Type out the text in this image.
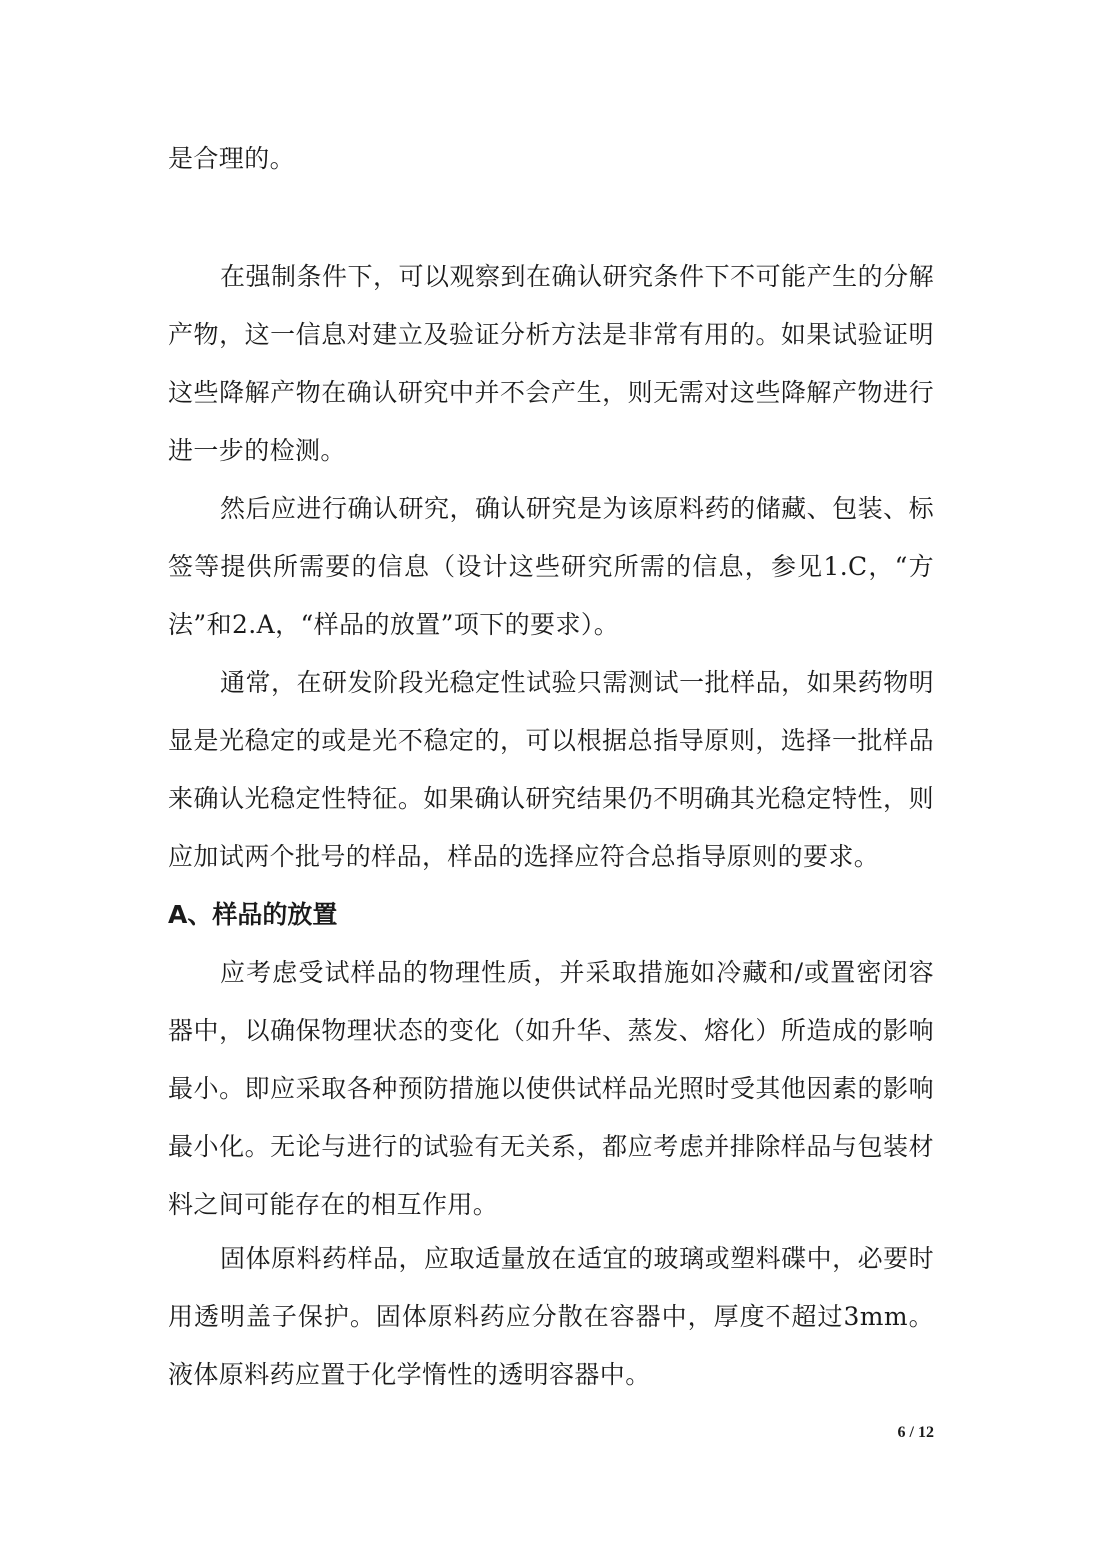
是合理的。

在强制条件下，可以观察到在确认研究条件下不可能产生的分解产物，这一信息对建立及验证分析方法是非常有用的。如果试验证明这些降解产物在确认研究中并不会产生，则无需对这些降解产物进行进一步的检测。

然后应进行确认研究，确认研究是为该原料药的储藏、包装、标签等提供所需要的信息（设计这些研究所需的信息，参见1.C，“方法”和2.A，“样品的放置”项下的要求）。

通常，在研发阶段光稳定性试验只需测试一批样品，如果药物明显是光稳定的或是光不稳定的，可以根据总指导原则，选择一批样品来确认光稳定性特征。如果确认研究结果仍不明确其光稳定特性，则应加试两个批号的样品，样品的选择应符合总指导原则的要求。

A、样品的放置

应考虑受试样品的物理性质，并采取措施如冷藏和/或置密闭容器中，以确保物理状态的变化（如升华、蒸发、熔化）所造成的影响最小。即应采取各种预防措施以使供试样品光照时受其他因素的影响最小化。无论与进行的试验有无关系，都应考虑并排除样品与包装材料之间可能存在的相互作用。

固体原料药样品，应取适量放在适宜的玻璃或塑料碟中，必要时用透明盖子保护。固体原料药应分散在容器中，厚度不超过3mm。液体原料药应置于化学惰性的透明容器中。

6 / 12
